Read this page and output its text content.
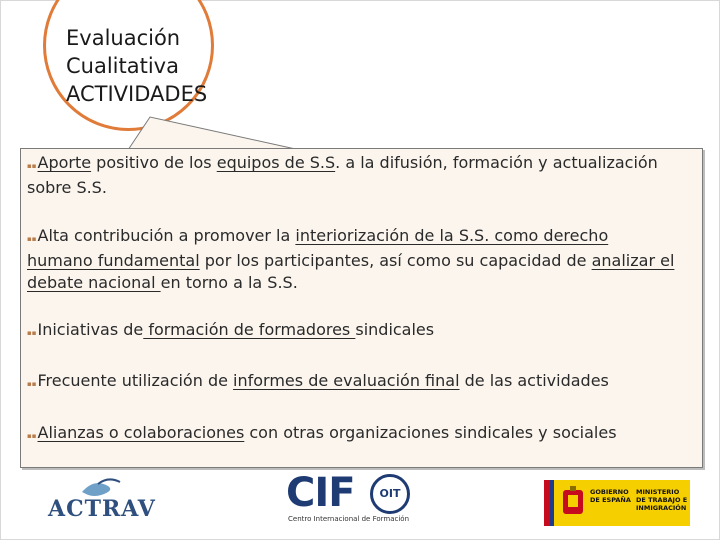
Evaluación
Cualitativa
ACTIVIDADES
▪▪Aporte positivo de los equipos de S.S. a la difusión, formación y actualización sobre S.S.
▪▪Alta contribución a promover la interiorización de la S.S. como derecho humano fundamental por los participantes, así como su capacidad de analizar el debate nacional en torno a la S.S.
▪▪Iniciativas de formación de formadores sindicales
▪▪Frecuente utilización de informes de evaluación final de las actividades
▪▪Alianzas o colaboraciones con otras organizaciones sindicales y sociales
ACTRAV	CIF	OIT
Centro Internacional de Formación
GOBIERNO DE ESPAÑA
MINISTERIO DE TRABAJO E INMIGRACIÓN
